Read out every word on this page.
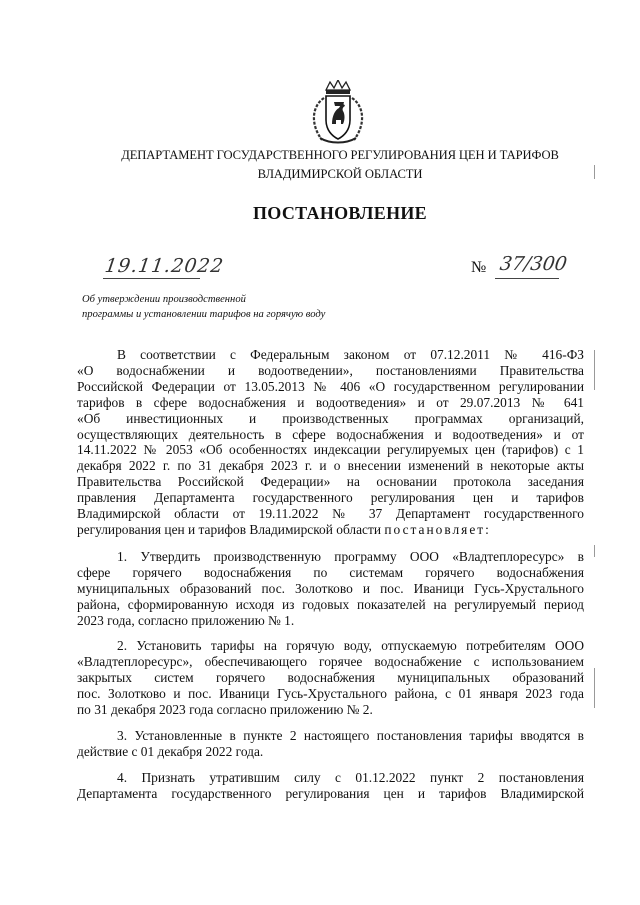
ДЕПАРТАМЕНТ ГОСУДАРСТВЕННОГО РЕГУЛИРОВАНИЯ ЦЕН И ТАРИФОВ
ВЛАДИМИРСКОЙ ОБЛАСТИ
ПОСТАНОВЛЕНИЕ
19.11.2022	№ 37/300
Об утверждении производственной
программы и установлении тарифов на горячую воду
В соответствии с Федеральным законом от 07.12.2011 № 416-ФЗ
«О водоснабжении и водоотведении», постановлениями Правительства
Российской Федерации от 13.05.2013 № 406 «О государственном регулировании
тарифов в сфере водоснабжения и водоотведения» и от 29.07.2013 № 641
«Об инвестиционных и производственных программах организаций,
осуществляющих деятельность в сфере водоснабжения и водоотведения» и от
14.11.2022 № 2053 «Об особенностях индексации регулируемых цен (тарифов) с 1
декабря 2022 г. по 31 декабря 2023 г. и о внесении изменений в некоторые акты
Правительства Российской Федерации» на основании протокола заседания
правления Департамента государственного регулирования цен и тарифов
Владимирской области от 19.11.2022 № 37 Департамент государственного
регулирования цен и тарифов Владимирской области постановляет:
1. Утвердить производственную программу ООО «Владтеплоресурс» в
сфере горячего водоснабжения по системам горячего водоснабжения
муниципальных образований пос. Золотково и пос. Иваници Гусь-Хрустального
района, сформированную исходя из годовых показателей на регулируемый период
2023 года, согласно приложению № 1.
2. Установить тарифы на горячую воду, отпускаемую потребителям ООО
«Владтеплоресурс», обеспечивающего горячее водоснабжение с использованием
закрытых систем горячего водоснабжения муниципальных образований
пос. Золотково и пос. Иваници Гусь-Хрустального района, с 01 января 2023 года
по 31 декабря 2023 года согласно приложению № 2.
3. Установленные в пункте 2 настоящего постановления тарифы вводятся в
действие с 01 декабря 2022 года.
4. Признать утратившим силу с 01.12.2022 пункт 2 постановления
Департамента государственного регулирования цен и тарифов Владимирской
